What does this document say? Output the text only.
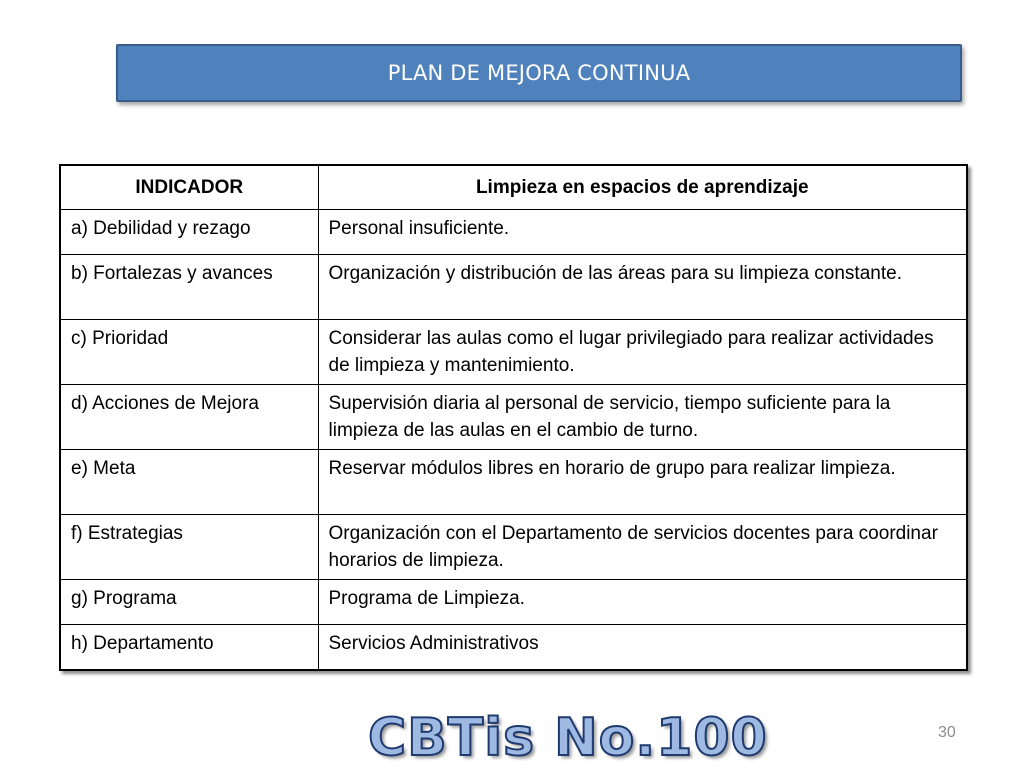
PLAN DE MEJORA CONTINUA
INDICADOR	Limpieza en espacios de aprendizaje
a) Debilidad y rezago	Personal insuficiente.
b) Fortalezas y avances	Organización y distribución de las áreas para su limpieza constante.
c) Prioridad	Considerar las aulas como el lugar privilegiado para realizar actividades de limpieza y mantenimiento.
d) Acciones de Mejora	Supervisión diaria al personal de servicio, tiempo suficiente para la limpieza de las aulas en el cambio de turno.
e) Meta	Reservar módulos libres en horario de grupo para realizar limpieza.
f) Estrategias	Organización con el Departamento de servicios docentes para coordinar horarios de limpieza.
g) Programa	Programa de Limpieza.
h) Departamento	Servicios Administrativos
CBTis No.100	30
